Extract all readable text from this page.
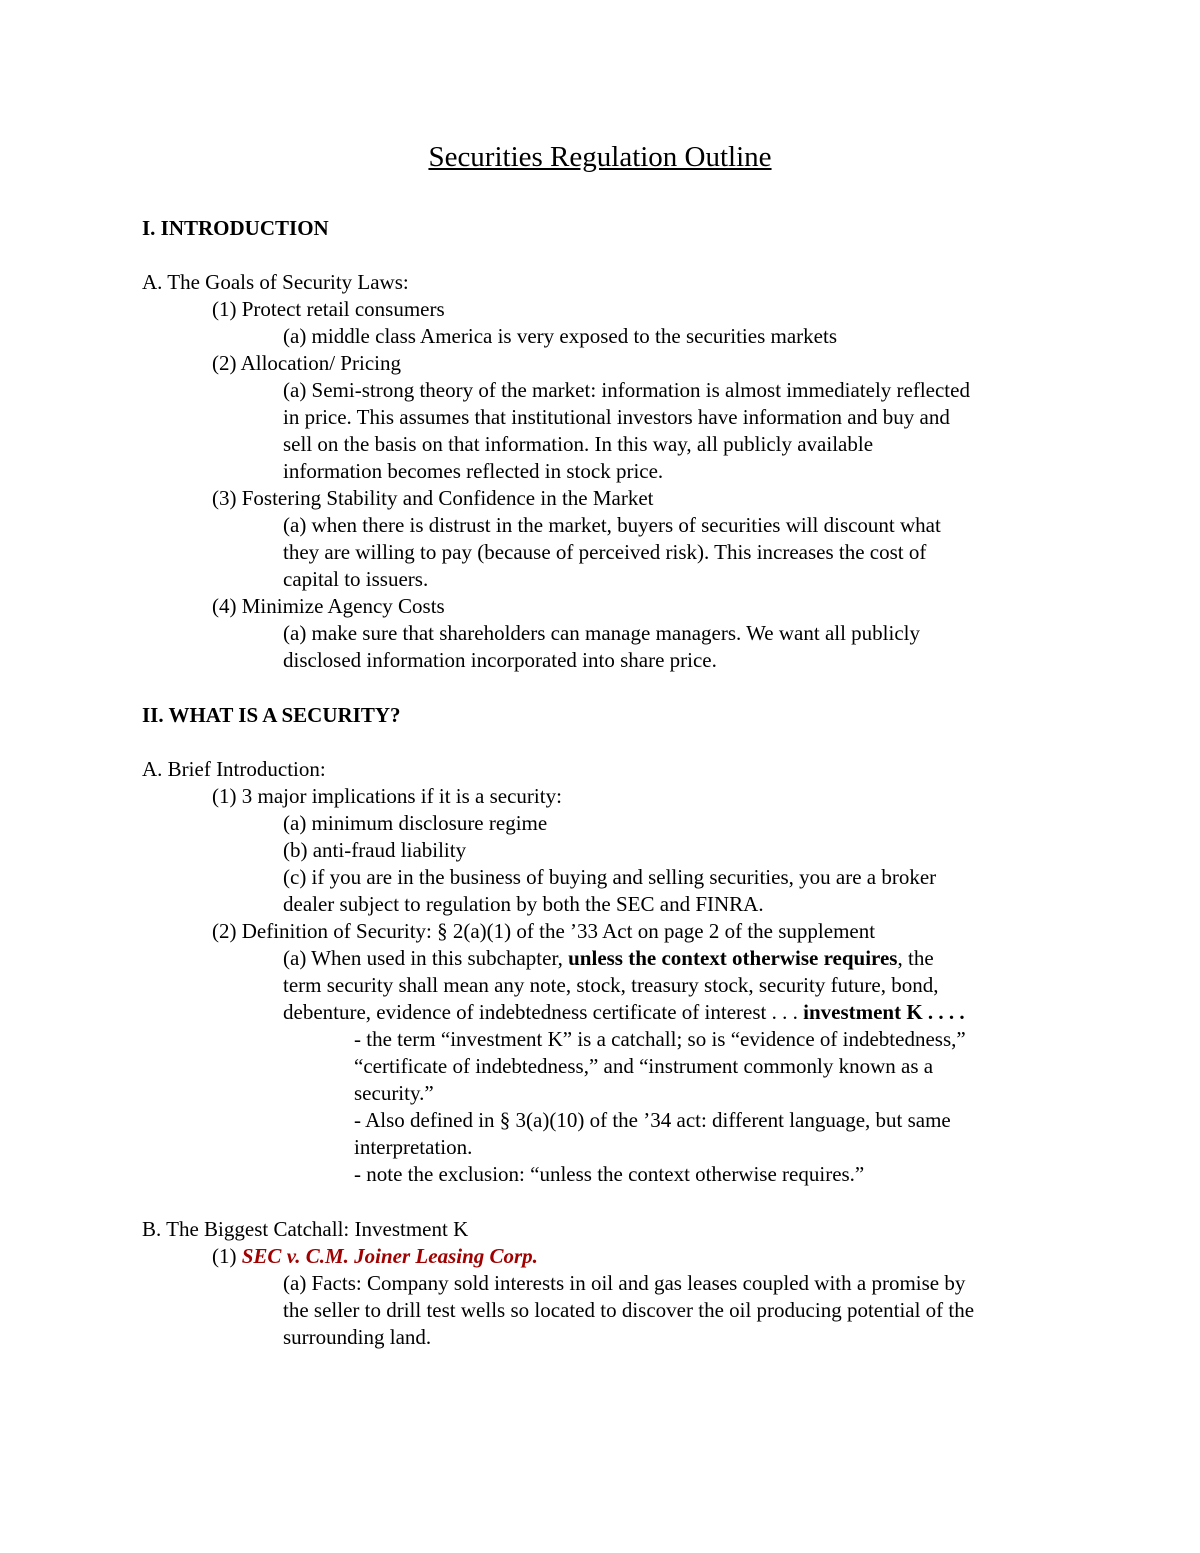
Securities Regulation Outline
I. INTRODUCTION
A. The Goals of Security Laws:
(1) Protect retail consumers
(a) middle class America is very exposed to the securities markets
(2) Allocation/ Pricing
(a) Semi-strong theory of the market: information is almost immediately reflected
in price. This assumes that institutional investors have information and buy and
sell on the basis on that information. In this way, all publicly available
information becomes reflected in stock price.
(3) Fostering Stability and Confidence in the Market
(a) when there is distrust in the market, buyers of securities will discount what
they are willing to pay (because of perceived risk). This increases the cost of
capital to issuers.
(4) Minimize Agency Costs
(a) make sure that shareholders can manage managers. We want all publicly
disclosed information incorporated into share price.
II. WHAT IS A SECURITY?
A. Brief Introduction:
(1) 3 major implications if it is a security:
(a) minimum disclosure regime
(b) anti-fraud liability
(c) if you are in the business of buying and selling securities, you are a broker
dealer subject to regulation by both the SEC and FINRA.
(2) Definition of Security: § 2(a)(1) of the ’33 Act on page 2 of the supplement
(a) When used in this subchapter, unless the context otherwise requires, the
term security shall mean any note, stock, treasury stock, security future, bond,
debenture, evidence of indebtedness certificate of interest . . . investment K . . . .
- the term “investment K” is a catchall; so is “evidence of indebtedness,”
“certificate of indebtedness,” and “instrument commonly known as a
security.”
- Also defined in § 3(a)(10) of the ’34 act: different language, but same
interpretation.
- note the exclusion: “unless the context otherwise requires.”
B. The Biggest Catchall: Investment K
(1) SEC v. C.M. Joiner Leasing Corp.
(a) Facts: Company sold interests in oil and gas leases coupled with a promise by
the seller to drill test wells so located to discover the oil producing potential of the
surrounding land.
